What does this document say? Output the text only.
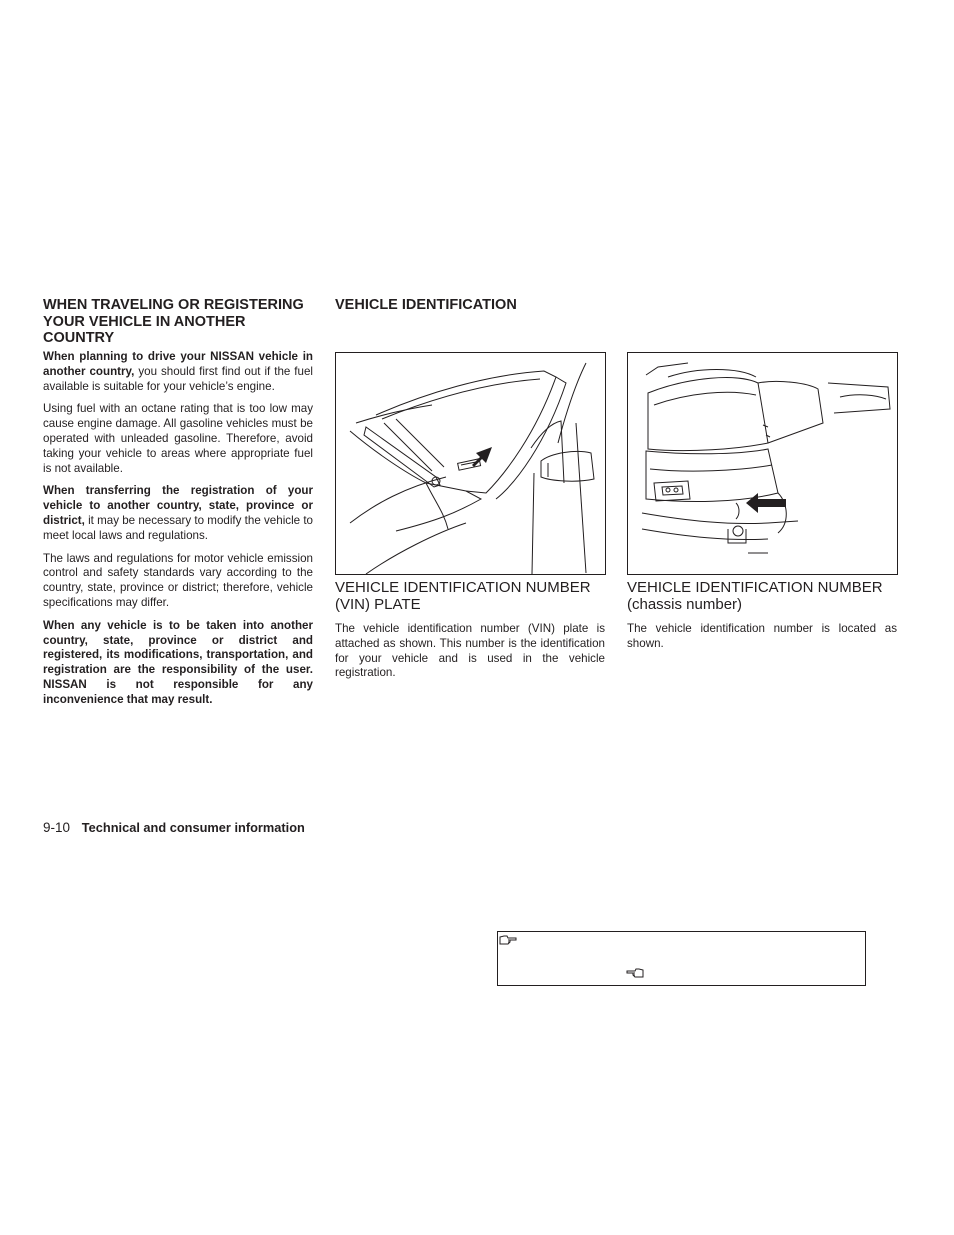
WHEN TRAVELING OR REGISTERING YOUR VEHICLE IN ANOTHER COUNTRY

When planning to drive your NISSAN vehicle in another country, you should first find out if the fuel available is suitable for your vehicle’s engine.

Using fuel with an octane rating that is too low may cause engine damage. All gasoline vehicles must be operated with unleaded gasoline. Therefore, avoid taking your vehicle to areas where appropriate fuel is not available.

When transferring the registration of your vehicle to another country, state, province or district, it may be necessary to modify the vehicle to meet local laws and regulations.

The laws and regulations for motor vehicle emission control and safety standards vary according to the country, state, province or district; therefore, vehicle specifications may differ.

When any vehicle is to be taken into another country, state, province or district and registered, its modifications, transportation, and registration are the responsibility of the user. NISSAN is not responsible for any inconvenience that may result.

VEHICLE IDENTIFICATION
VEHICLE IDENTIFICATION NUMBER (VIN) PLATE
The vehicle identification number (VIN) plate is attached as shown. This number is the identification for your vehicle and is used in the vehicle registration.
VEHICLE IDENTIFICATION NUMBER (chassis number)
The vehicle identification number is located as shown.
9-10 Technical and consumer information
